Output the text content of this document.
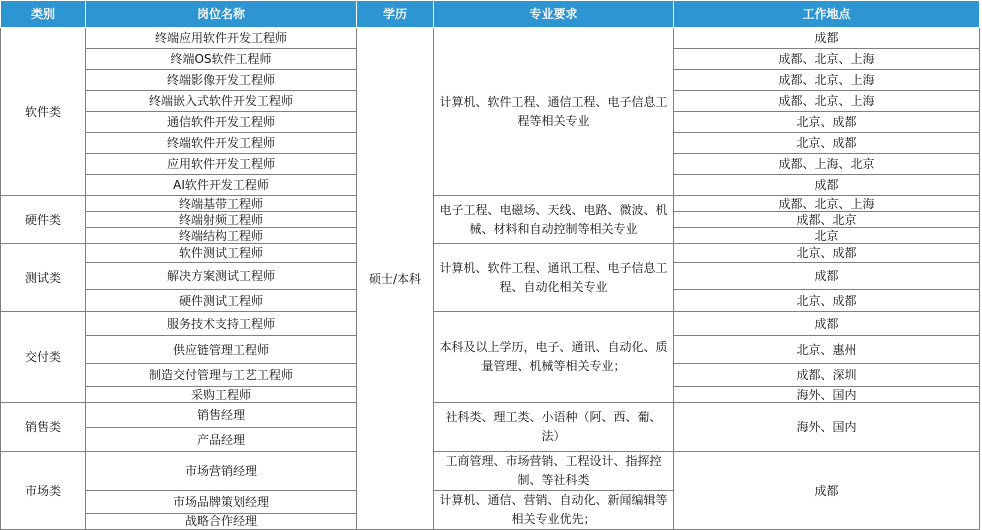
类别	岗位名称	学历	专业要求	工作地点
软件类	终端应用软件开发工程师	硕士/本科	计算机、软件工程、通信工程、电子信息工程等相关专业	成都
	终端OS软件工程师			成都、北京、上海
	终端影像开发工程师			成都、北京、上海
	终端嵌入式软件开发工程师			成都、北京、上海
	通信软件开发工程师			北京、成都
	终端软件开发工程师			北京、成都
	应用软件开发工程师			成都、上海、北京
	AI软件开发工程师			成都
硬件类	终端基带工程师		电子工程、电磁场、天线、电路、微波、机械、材料和自动控制等相关专业	成都、北京、上海
	终端射频工程师			成都、北京
	终端结构工程师			北京
测试类	软件测试工程师		计算机、软件工程、通讯工程、电子信息工程、自动化相关专业	北京、成都
	解决方案测试工程师			成都
	硬件测试工程师			北京、成都
交付类	服务技术支持工程师		本科及以上学历，电子、通讯、自动化、质量管理、机械等相关专业；	成都
	供应链管理工程师			北京、惠州
	制造交付管理与工艺工程师			成都、深圳
	采购工程师			海外、国内
销售类	销售经理		社科类、理工类、小语种（阿、西、葡、法）	海外、国内
	产品经理			
市场类	市场营销经理		工商管理、市场营销、工程设计、指挥控制、等社科类	成都
	市场品牌策划经理		计算机、通信、营销、自动化、新闻编辑等相关专业优先；	
	战略合作经理			
